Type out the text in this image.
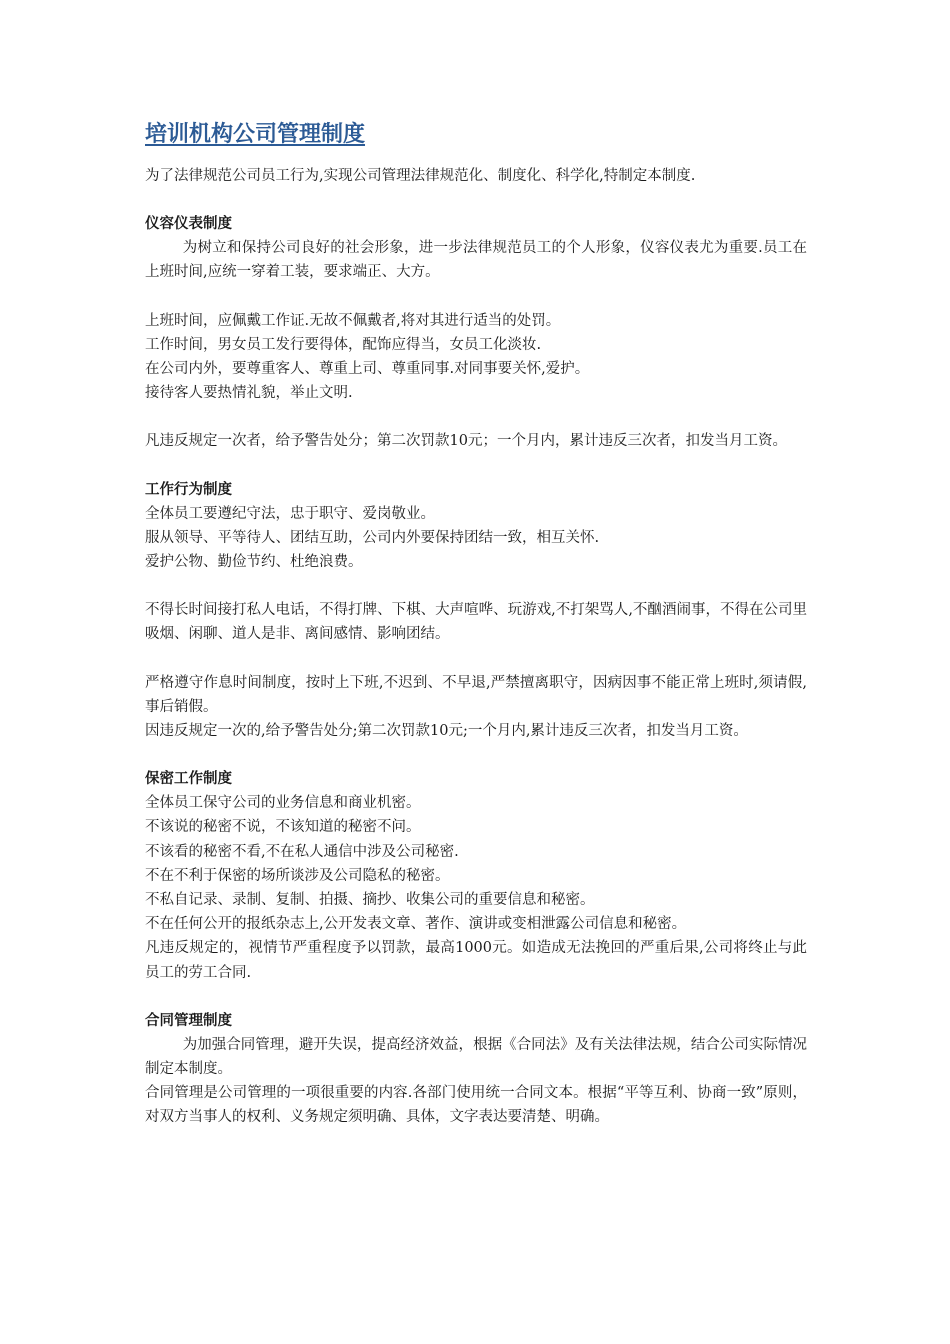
培训机构公司管理制度

为了法律规范公司员工行为,实现公司管理法律规范化、制度化、科学化,特制定本制度.

仪容仪表制度

为树立和保持公司良好的社会形象，进一步法律规范员工的个人形象，仪容仪表尤为重要.员工在上班时间,应统一穿着工装，要求端正、大方。

上班时间，应佩戴工作证.无故不佩戴者,将对其进行适当的处罚。

工作时间，男女员工发行要得体，配饰应得当，女员工化淡妆.

在公司内外，要尊重客人、尊重上司、尊重同事.对同事要关怀,爱护。

接待客人要热情礼貌，举止文明.

凡违反规定一次者，给予警告处分；第二次罚款10元；一个月内，累计违反三次者，扣发当月工资。

工作行为制度

全体员工要遵纪守法，忠于职守、爱岗敬业。

服从领导、平等待人、团结互助，公司内外要保持团结一致，相互关怀.

爱护公物、勤俭节约、杜绝浪费。

不得长时间接打私人电话，不得打牌、下棋、大声喧哗、玩游戏,不打架骂人,不酗酒闹事，不得在公司里吸烟、闲聊、道人是非、离间感情、影响团结。

严格遵守作息时间制度，按时上下班,不迟到、不早退,严禁擅离职守，因病因事不能正常上班时,须请假,事后销假。

因违反规定一次的,给予警告处分;第二次罚款10元;一个月内,累计违反三次者，扣发当月工资。

保密工作制度

全体员工保守公司的业务信息和商业机密。

不该说的秘密不说，不该知道的秘密不问。

不该看的秘密不看,不在私人通信中涉及公司秘密.

不在不利于保密的场所谈涉及公司隐私的秘密。

不私自记录、录制、复制、拍摄、摘抄、收集公司的重要信息和秘密。

不在任何公开的报纸杂志上,公开发表文章、著作、演讲或变相泄露公司信息和秘密。

凡违反规定的，视情节严重程度予以罚款，最高1000元。如造成无法挽回的严重后果,公司将终止与此员工的劳工合同.

合同管理制度

为加强合同管理，避开失误，提高经济效益，根据《合同法》及有关法律法规，结合公司实际情况制定本制度。

合同管理是公司管理的一项很重要的内容.各部门使用统一合同文本。根据“平等互利、协商一致”原则，对双方当事人的权利、义务规定须明确、具体，文字表达要清楚、明确。
